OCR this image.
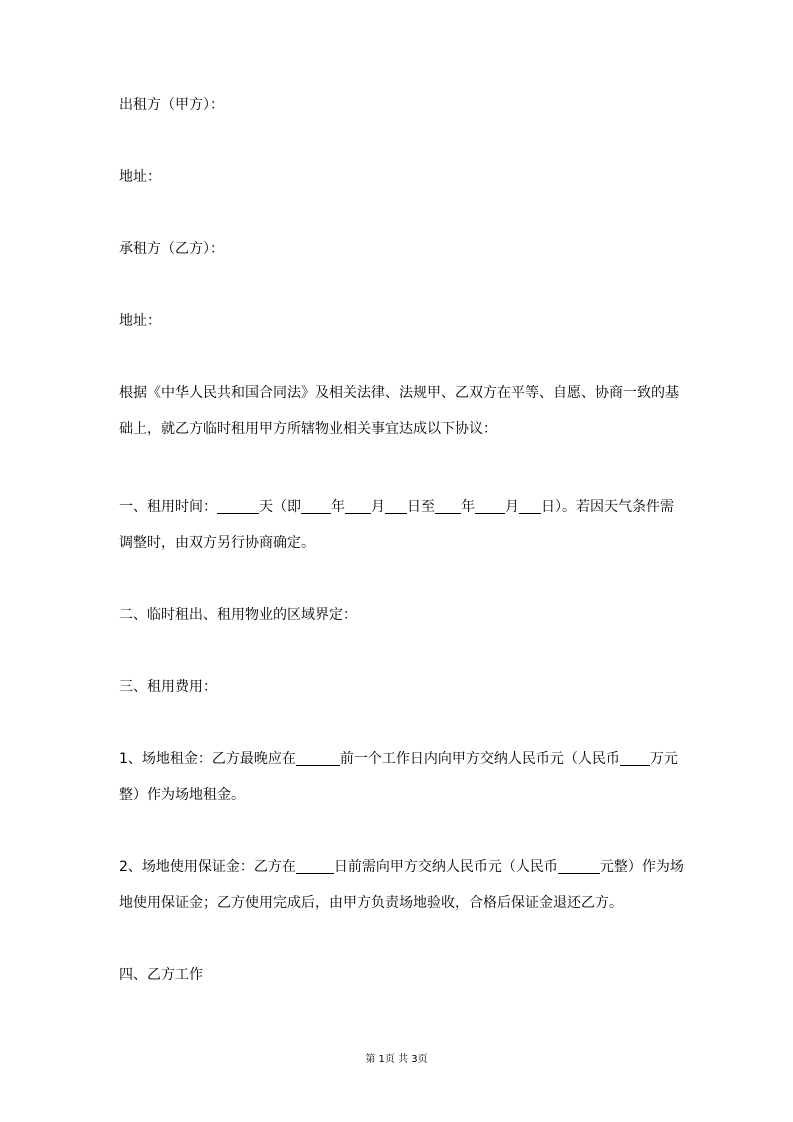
出租方（甲方）：

地址：

承租方（乙方）：

地址：

根据《中华人民共和国合同法》及相关法律、法规甲、乙双方在平等、自愿、协商一致的基
础上，就乙方临时租用甲方所辖物业相关事宜达成以下协议：

一、租用时间：	天（即 年 月 日至 年 月 日）。若因天气条件需
调整时，由双方另行协商确定。

二、临时租出、租用物业的区域界定：

三、租用费用：

1、场地租金：乙方最晚应在	前一个工作日内向甲方交纳人民币元（人民币 万元
整）作为场地租金。

2、场地使用保证金：乙方在	日前需向甲方交纳人民币元（人民币	元整）作为场
地使用保证金；乙方使用完成后，由甲方负责场地验收，合格后保证金退还乙方。

四、乙方工作

第 1页 共 3页
